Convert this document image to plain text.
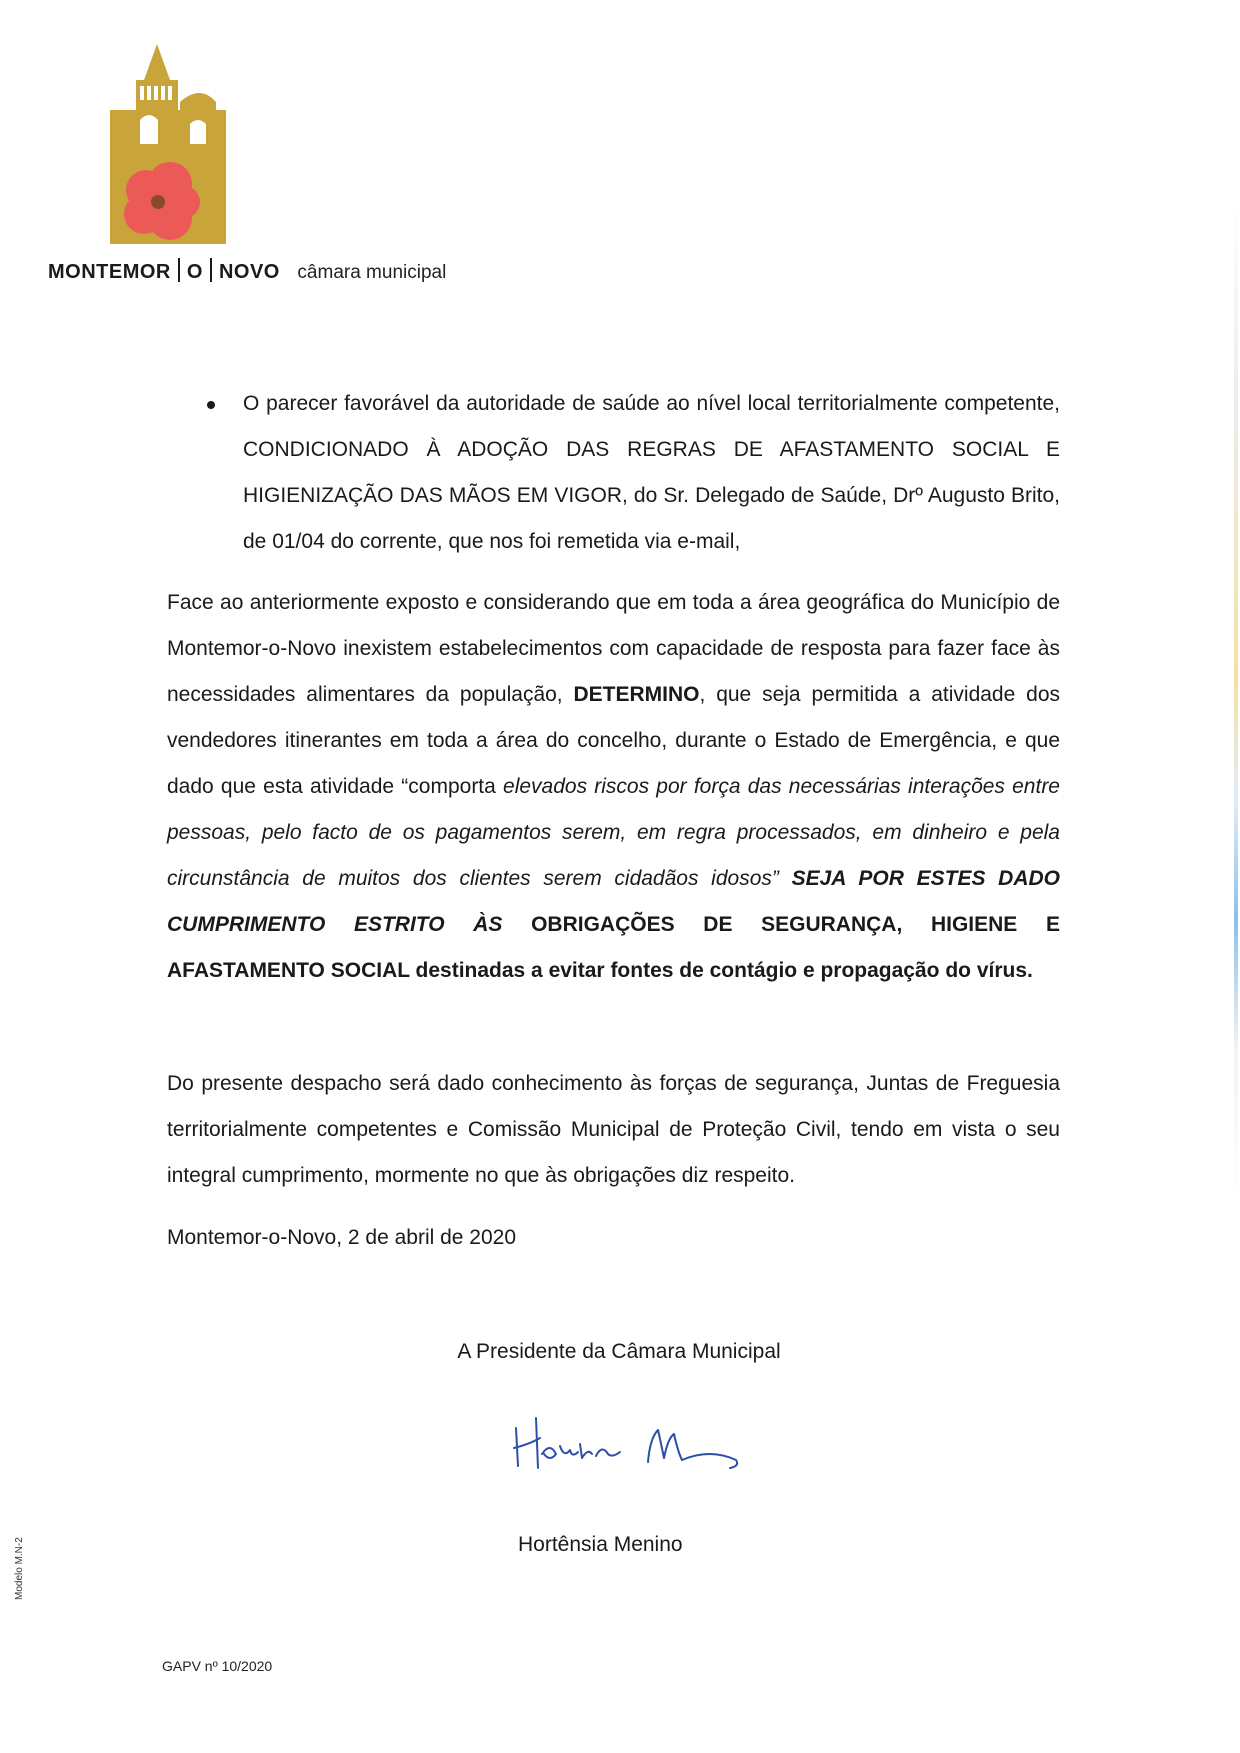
MONTEMOR O NOVO câmara municipal
O parecer favorável da autoridade de saúde ao nível local territorialmente competente, CONDICIONADO À ADOÇÃO DAS REGRAS DE AFASTAMENTO SOCIAL E HIGIENIZAÇÃO DAS MÃOS EM VIGOR, do Sr. Delegado de Saúde, Drº Augusto Brito, de 01/04 do corrente, que nos foi remetida via e-mail,

Face ao anteriormente exposto e considerando que em toda a área geográfica do Município de Montemor-o-Novo inexistem estabelecimentos com capacidade de resposta para fazer face às necessidades alimentares da população, DETERMINO, que seja permitida a atividade dos vendedores itinerantes em toda a área do concelho, durante o Estado de Emergência, e que dado que esta atividade “comporta elevados riscos por força das necessárias interações entre pessoas, pelo facto de os pagamentos serem, em regra processados, em dinheiro e pela circunstância de muitos dos clientes serem cidadãos idosos” SEJA POR ESTES DADO CUMPRIMENTO ESTRITO ÀS OBRIGAÇÕES DE SEGURANÇA, HIGIENE E AFASTAMENTO SOCIAL destinadas a evitar fontes de contágio e propagação do vírus.

Do presente despacho será dado conhecimento às forças de segurança, Juntas de Freguesia territorialmente competentes e Comissão Municipal de Proteção Civil, tendo em vista o seu integral cumprimento, mormente no que às obrigações diz respeito.

Montemor-o-Novo, 2 de abril de 2020
A Presidente da Câmara Municipal
Hortênsia Menino
Modelo M.N-2
GAPV nº 10/2020
